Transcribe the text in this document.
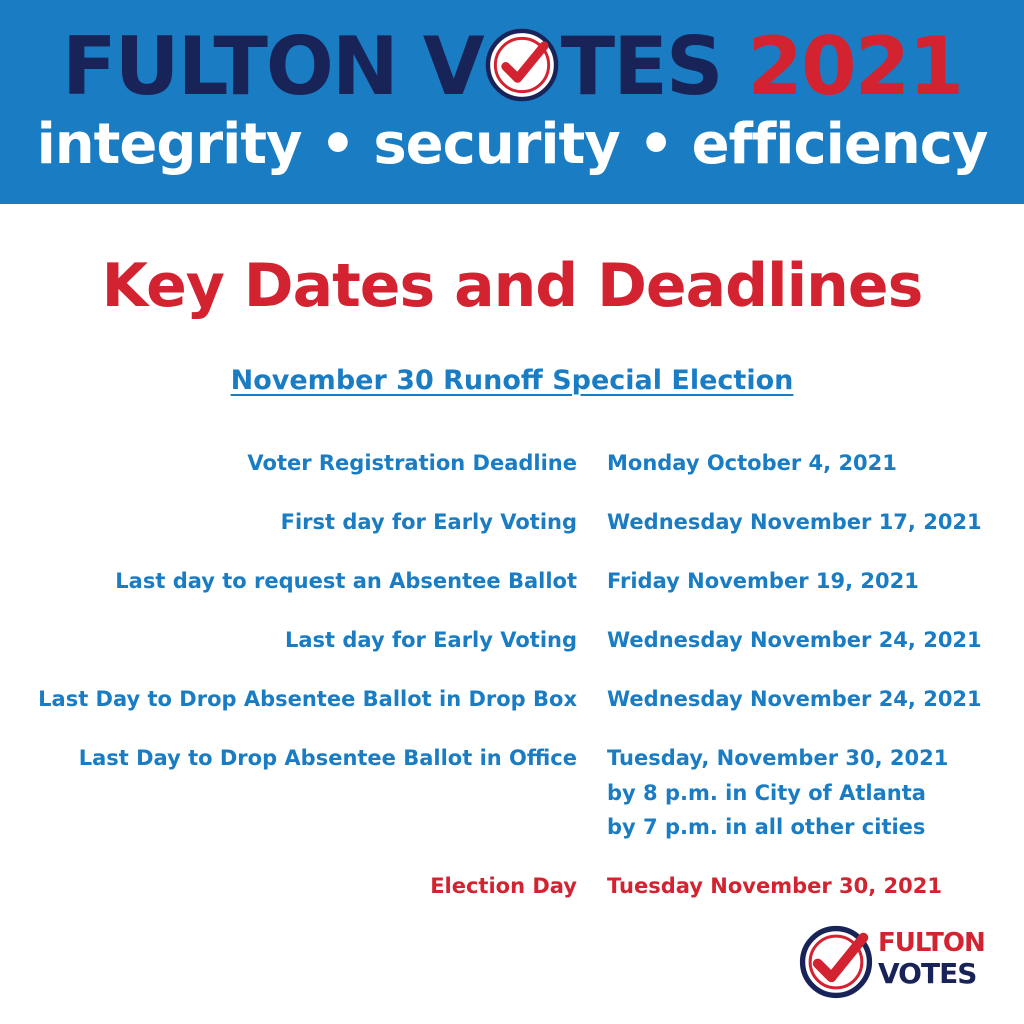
FULTON V TES 2021
integrity • security • efficiency
Key Dates and Deadlines
November 30 Runoff Special Election
Voter Registration Deadline Monday October 4, 2021
First day for Early Voting Wednesday November 17, 2021
Last day to request an Absentee Ballot Friday November 19, 2021
Last day for Early Voting Wednesday November 24, 2021
Last Day to Drop Absentee Ballot in Drop Box Wednesday November 24, 2021
Last Day to Drop Absentee Ballot in Office Tuesday, November 30, 2021
by 8 p.m. in City of Atlanta
by 7 p.m. in all other cities
Election Day Tuesday November 30, 2021
FULTON
VOTES
